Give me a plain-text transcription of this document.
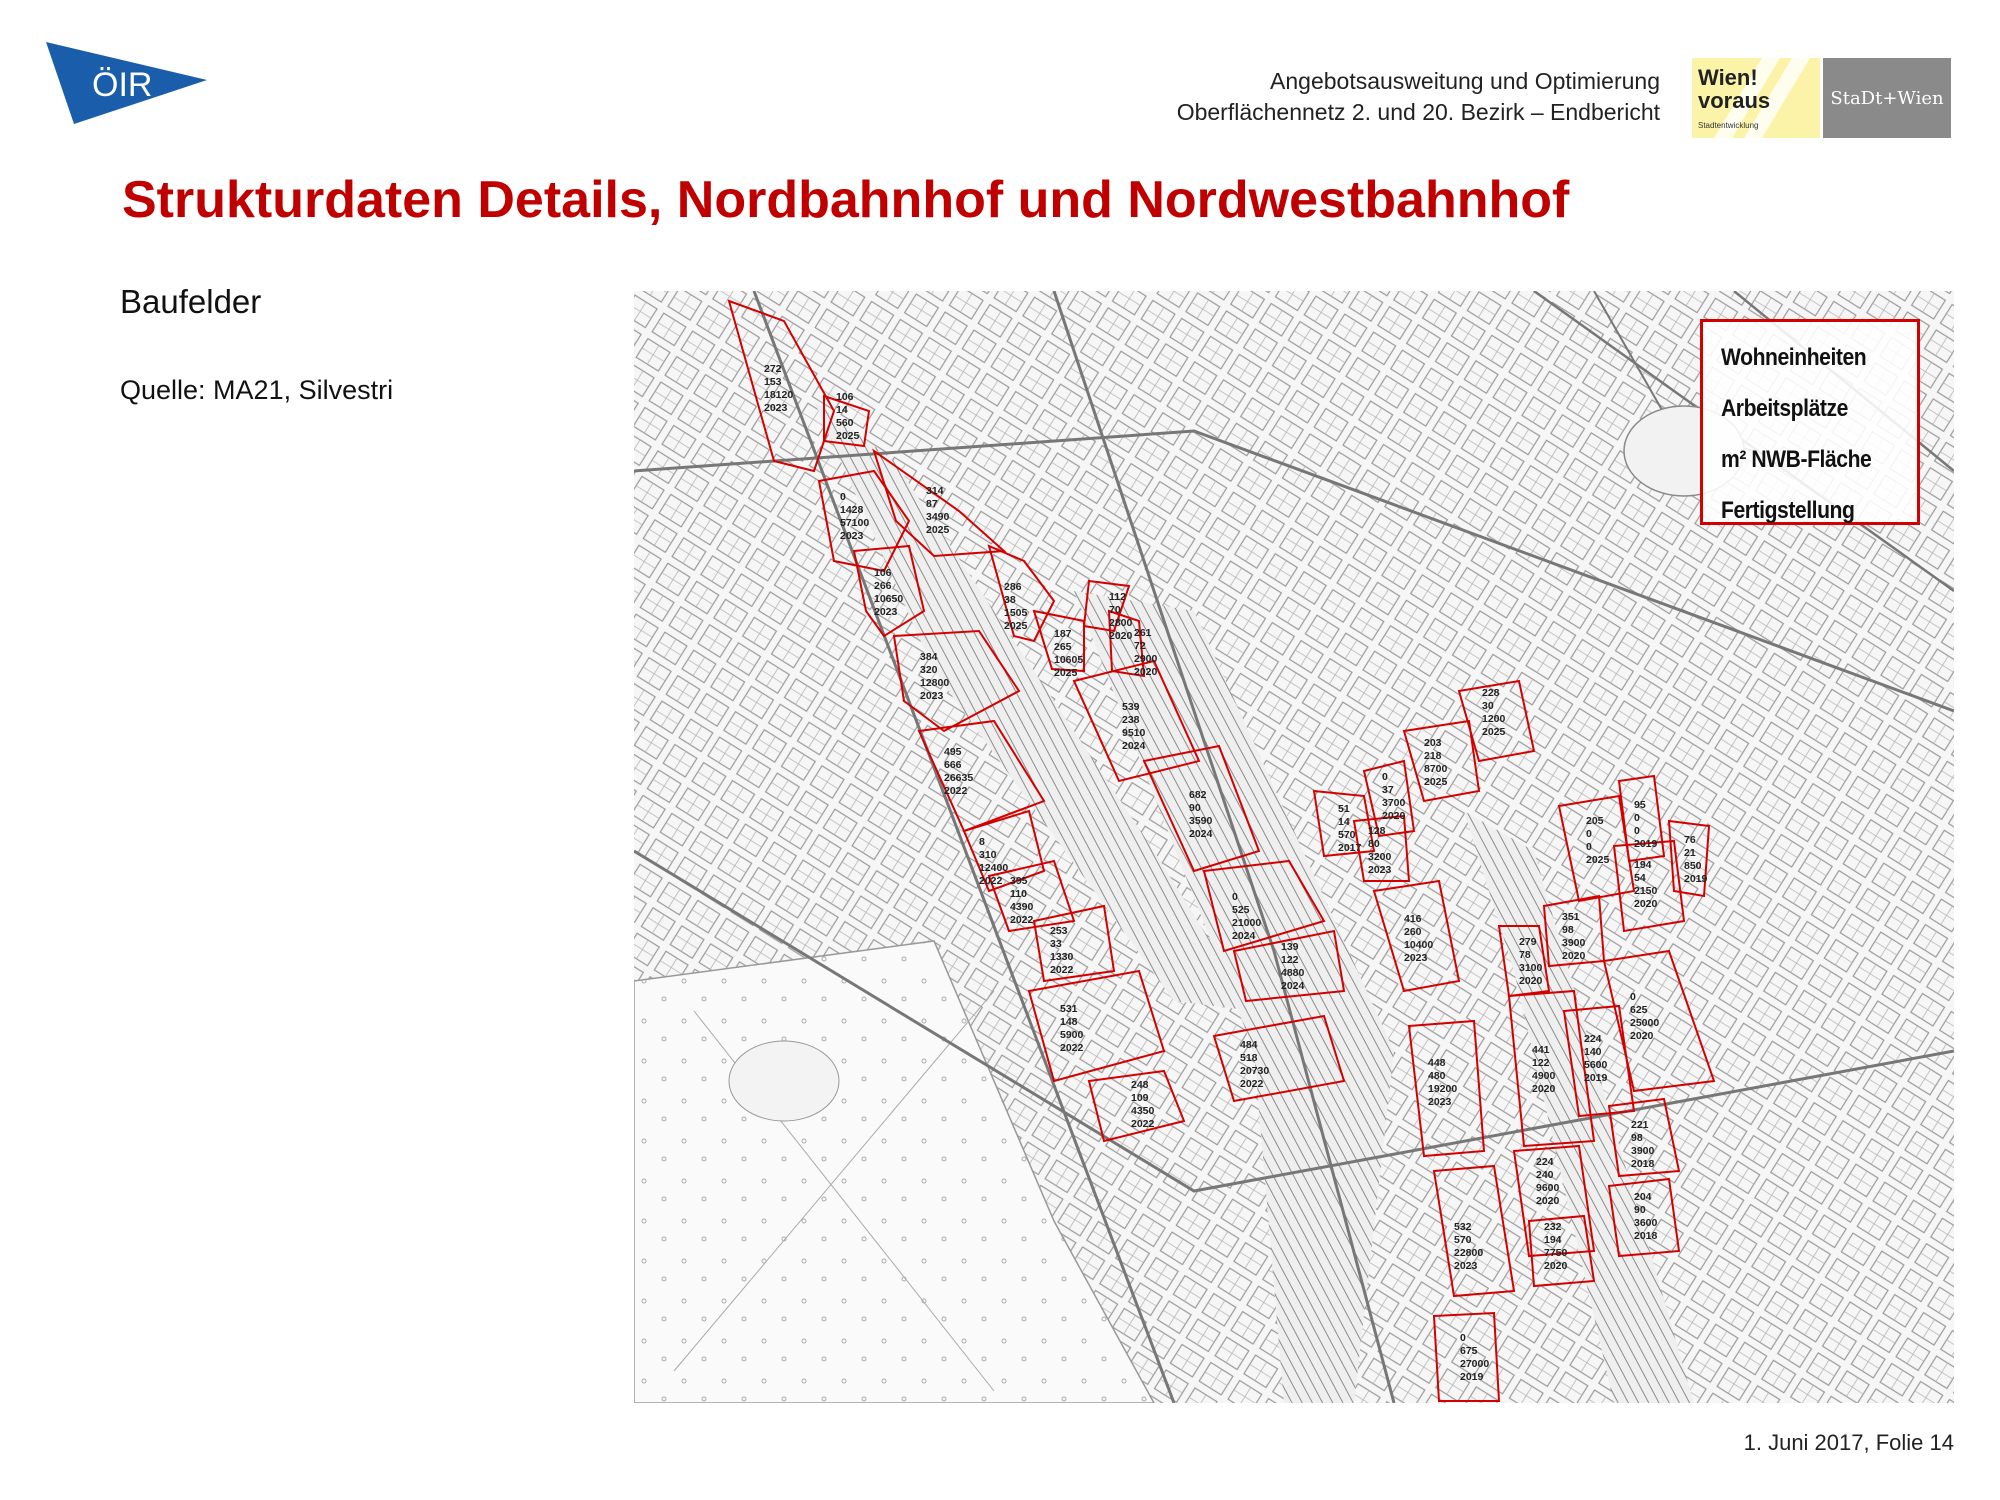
ÖIR	Angebotsausweitung und Optimierung
Oberflächennetz 2. und 20. Bezirk – Endbericht
Wien!
voraus
Stadtentwicklung
StaDt+Wien
Strukturdaten Details, Nordbahnhof und Nordwestbahnhof
Baufelder
Quelle: MA21, Silvestri
272
153
18120
2023
106
14
560
2025
0
1428
57100
2023
314
87
3490
2025
106
266
10650
2023
286
38
1505
2025
112
70
2800
2020
187
265
10605
2025
261
72
2900
2020
384
320
12800
2023
539
238
9510
2024
495
666
26635
2022	682
90
3590
2024
8
310
12400
2022 395
110
4390
2022
0
525
21000
2024
253
33
1330
2022
139
122
4880
2024
531
148
5900
2022	484
518
20730
2022
248
109
4350
2022
51
14
570
2017
128
80
3200
2023
0
37
3700
2020
203
218
8700
2025
228
30
1200
2025
416
260
10400
2023
448
480
19200
2023
532
570
22800
2023
0
675
27000
2019
205
0
0
2025
95
0
0
2019	76
21
850
2019
194
54
2150
2020
351
98
3900
2020
279
78
3100
2020
0
625
25000
2020
441
122
4900
2020
224
140
5600
2019
221
98
3900
2018
224
240
9600
2020	204
90
3600
2018
232
194
7750
2020
Wohneinheiten
Arbeitsplätze
m² NWB-Fläche
Fertigstellung
1. Juni 2017, Folie 14
